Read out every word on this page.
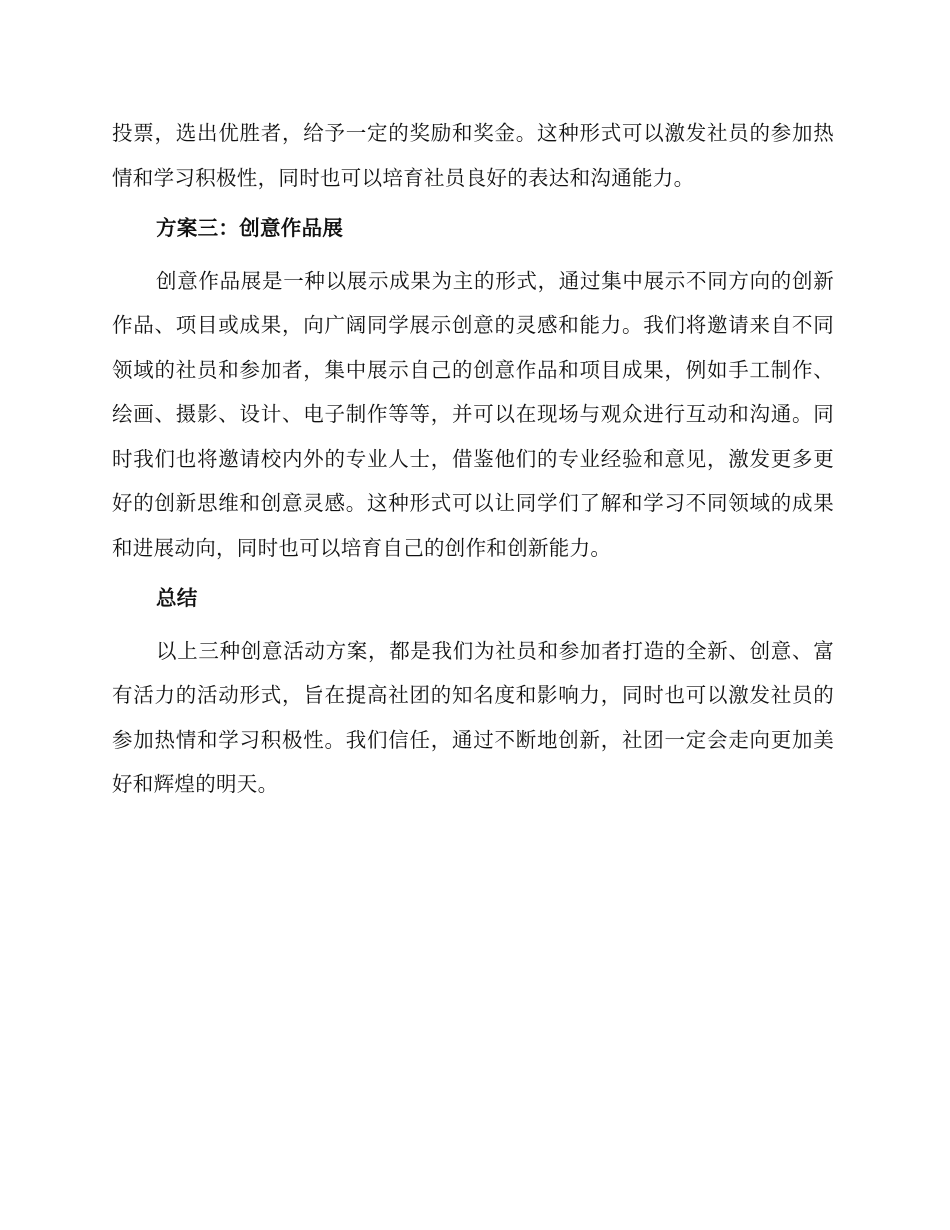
投票，选出优胜者，给予一定的奖励和奖金。这种形式可以激发社员的参加热情和学习积极性，同时也可以培育社员良好的表达和沟通能力。

方案三：创意作品展

创意作品展是一种以展示成果为主的形式，通过集中展示不同方向的创新作品、项目或成果，向广阔同学展示创意的灵感和能力。我们将邀请来自不同领域的社员和参加者，集中展示自己的创意作品和项目成果，例如手工制作、绘画、摄影、设计、电子制作等等，并可以在现场与观众进行互动和沟通。同时我们也将邀请校内外的专业人士，借鉴他们的专业经验和意见，激发更多更好的创新思维和创意灵感。这种形式可以让同学们了解和学习不同领域的成果和进展动向，同时也可以培育自己的创作和创新能力。

总结

以上三种创意活动方案，都是我们为社员和参加者打造的全新、创意、富有活力的活动形式，旨在提高社团的知名度和影响力，同时也可以激发社员的参加热情和学习积极性。我们信任，通过不断地创新，社团一定会走向更加美好和辉煌的明天。
